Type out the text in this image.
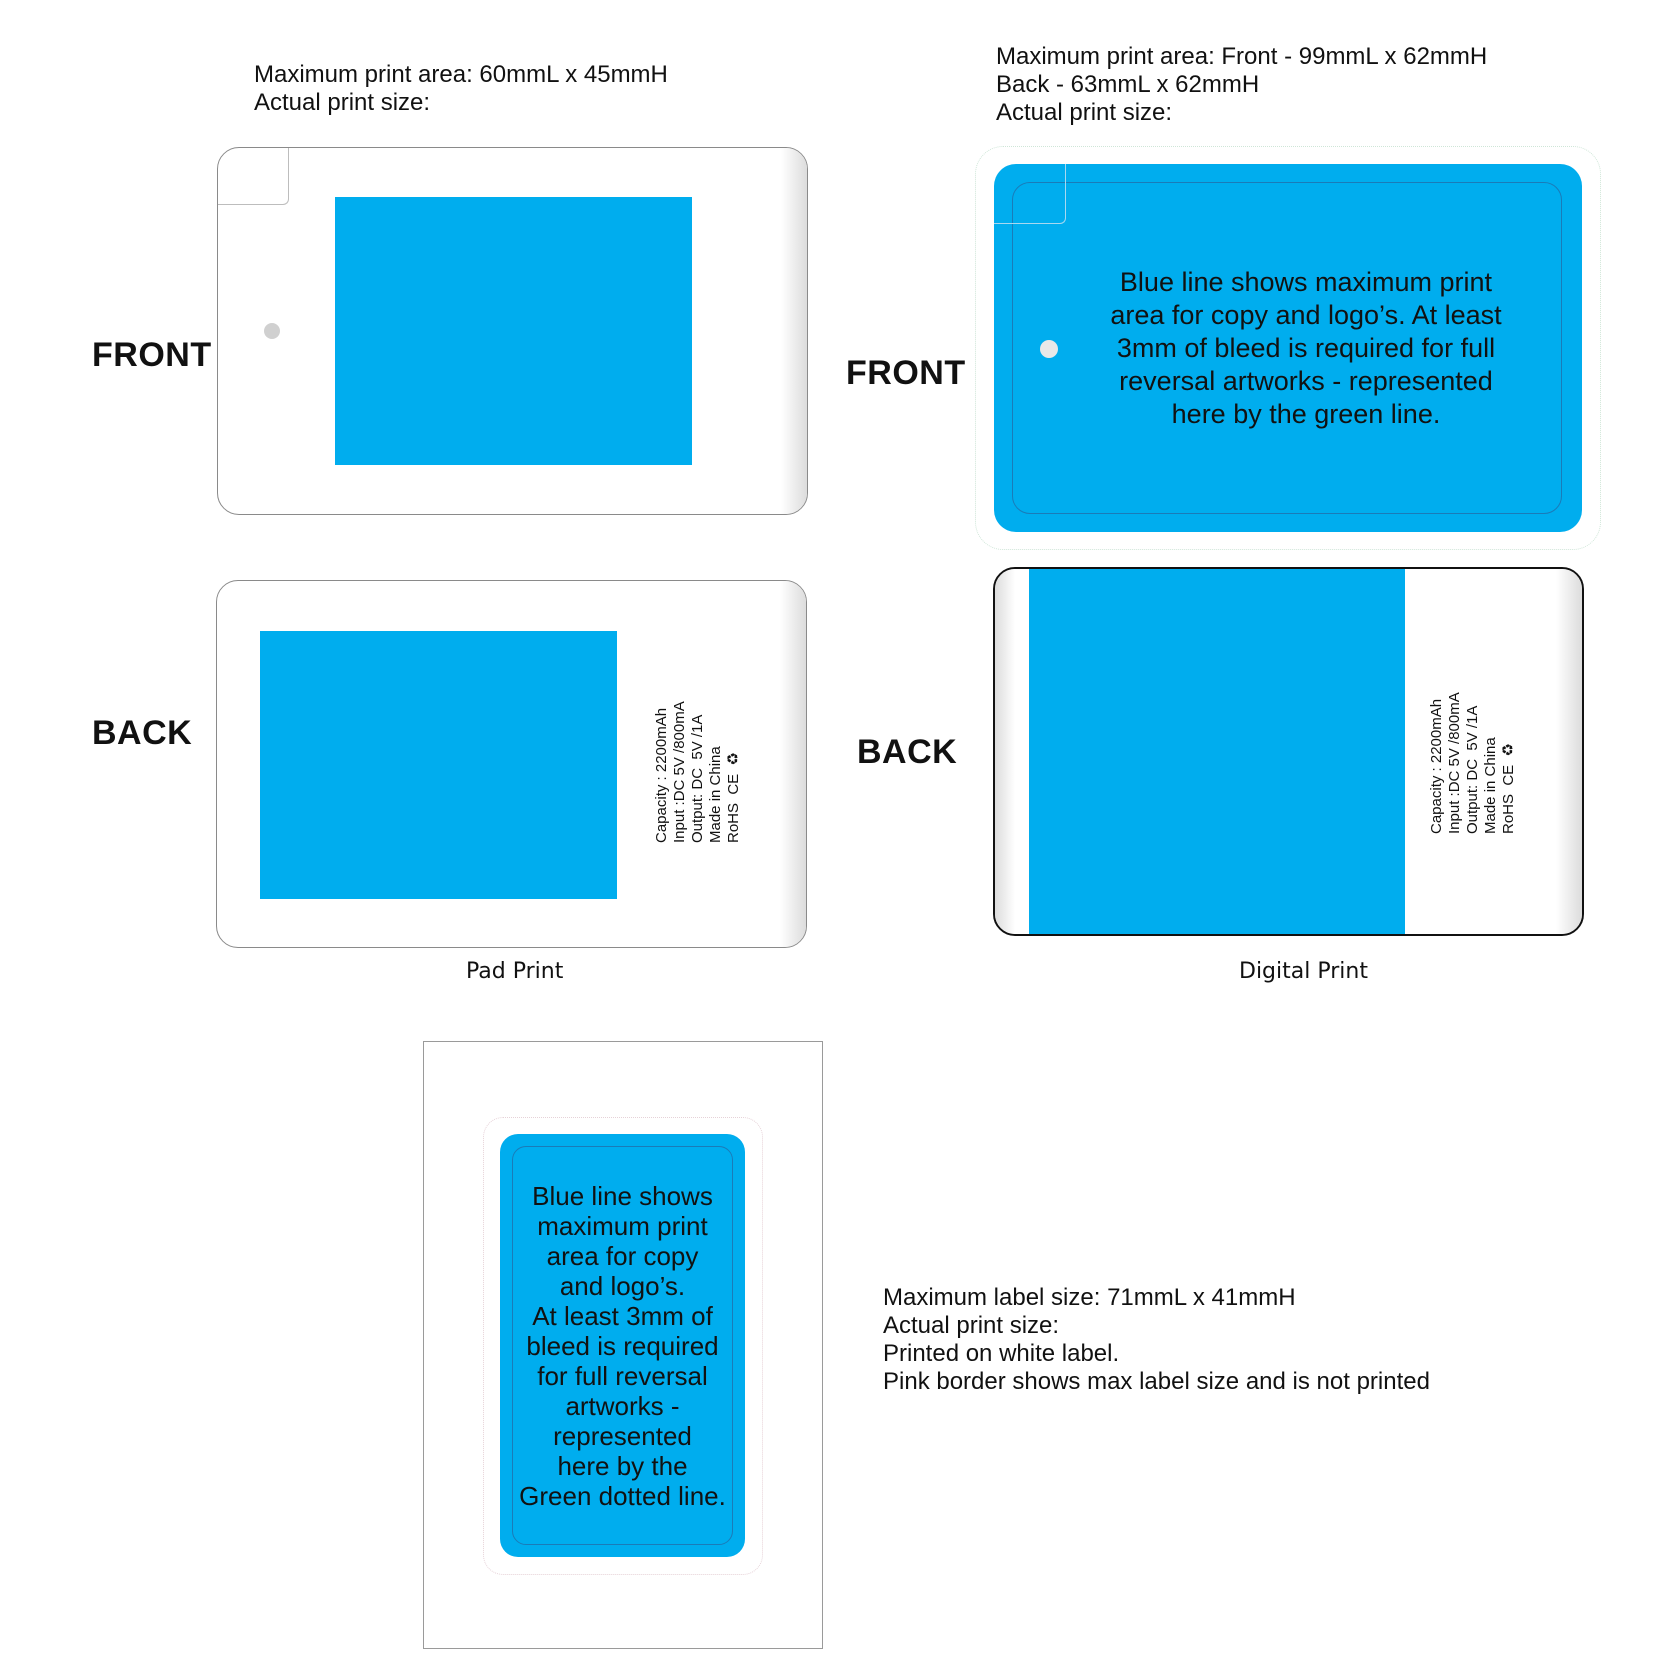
Maximum print area: 60mmL x 45mmH
Actual print size:
FRONT
BACK
Capacity : 2200mAh
Input :DC 5V /800mA
Output: DC  5V /1A
Made in China
RoHS  CE  ♻
Pad Print
Maximum print area: Front - 99mmL x 62mmH
Back - 63mmL x 62mmH
Actual print size:
FRONT
Blue line shows maximum print
area for copy and logo’s. At least
3mm of bleed is required for full
reversal artworks - represented
here by the green line.
BACK
Capacity : 2200mAh
Input :DC 5V /800mA
Output: DC  5V /1A
Made in China
RoHS  CE  ♻
Digital Print
Blue line shows
maximum print
area for copy
and logo’s.
At least 3mm of
bleed is required
for full reversal
artworks -
represented
here by the
Green dotted line.
Maximum label size: 71mmL x 41mmH
Actual print size:
Printed on white label.
Pink border shows max label size and is not printed
